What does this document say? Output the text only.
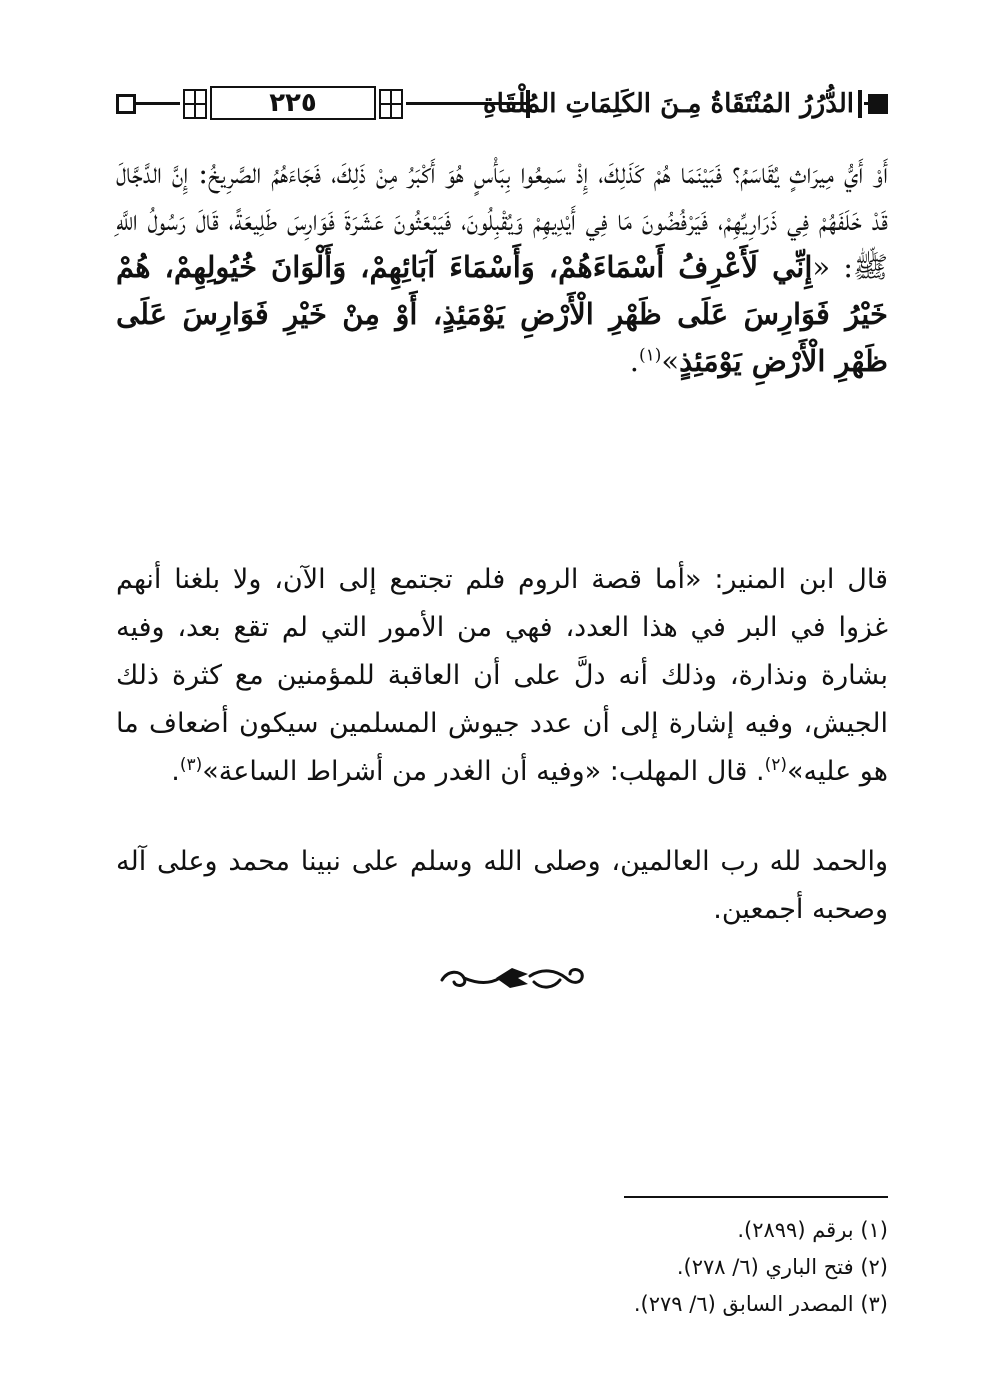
٢٢٥	الدُّرُرُ المُنْتَقَاةُ مِـنَ الكَلِمَاتِ المُلْقَاةِ

أَوْ أَيُّ مِيرَاثٍ يُقَاسَمُ؟ فَبَيْنَمَا هُمْ كَذَلِكَ، إِذْ سَمِعُوا بِبَأْسٍ هُوَ أَكْبَرُ مِنْ ذَلِكَ، فَجَاءَهُمُ الصَّرِيخُ: إِنَّ الدَّجَّالَ قَدْ خَلَفَهُمْ فِي ذَرَارِيِّهِمْ، فَيَرْفُضُونَ مَا فِي أَيْدِيهِمْ وَيُقْبِلُونَ، فَيَبْعَثُونَ عَشَرَةَ فَوَارِسَ طَلِيعَةً، قَالَ رَسُولُ اللَّهِ ﷺ: «إِنِّي لَأَعْرِفُ أَسْمَاءَهُمْ، وَأَسْمَاءَ آبَائِهِمْ، وَأَلْوَانَ خُيُولِهِمْ، هُمْ خَيْرُ فَوَارِسَ عَلَى ظَهْرِ الْأَرْضِ يَوْمَئِذٍ، أَوْ مِنْ خَيْرِ فَوَارِسَ عَلَى ظَهْرِ الْأَرْضِ يَوْمَئِذٍ»$^{(١)}$.

قال ابن المنير: «أما قصة الروم فلم تجتمع إلى الآن، ولا بلغنا أنهم غزوا في البر في هذا العدد، فهي من الأمور التي لم تقع بعد، وفيه بشارة ونذارة، وذلك أنه دلَّ على أن العاقبة للمؤمنين مع كثرة ذلك الجيش، وفيه إشارة إلى أن عدد جيوش المسلمين سيكون أضعاف ما هو عليه»$^{(٢)}$. قال المهلب: «وفيه أن الغدر من أشراط الساعة»$^{(٣)}$.

والحمد لله رب العالمين، وصلى الله وسلم على نبينا محمد وعلى آله وصحبه أجمعين.

(١) برقم (٢٨٩٩).
(٢) فتح الباري (٦/ ٢٧٨).
(٣) المصدر السابق (٦/ ٢٧٩).
